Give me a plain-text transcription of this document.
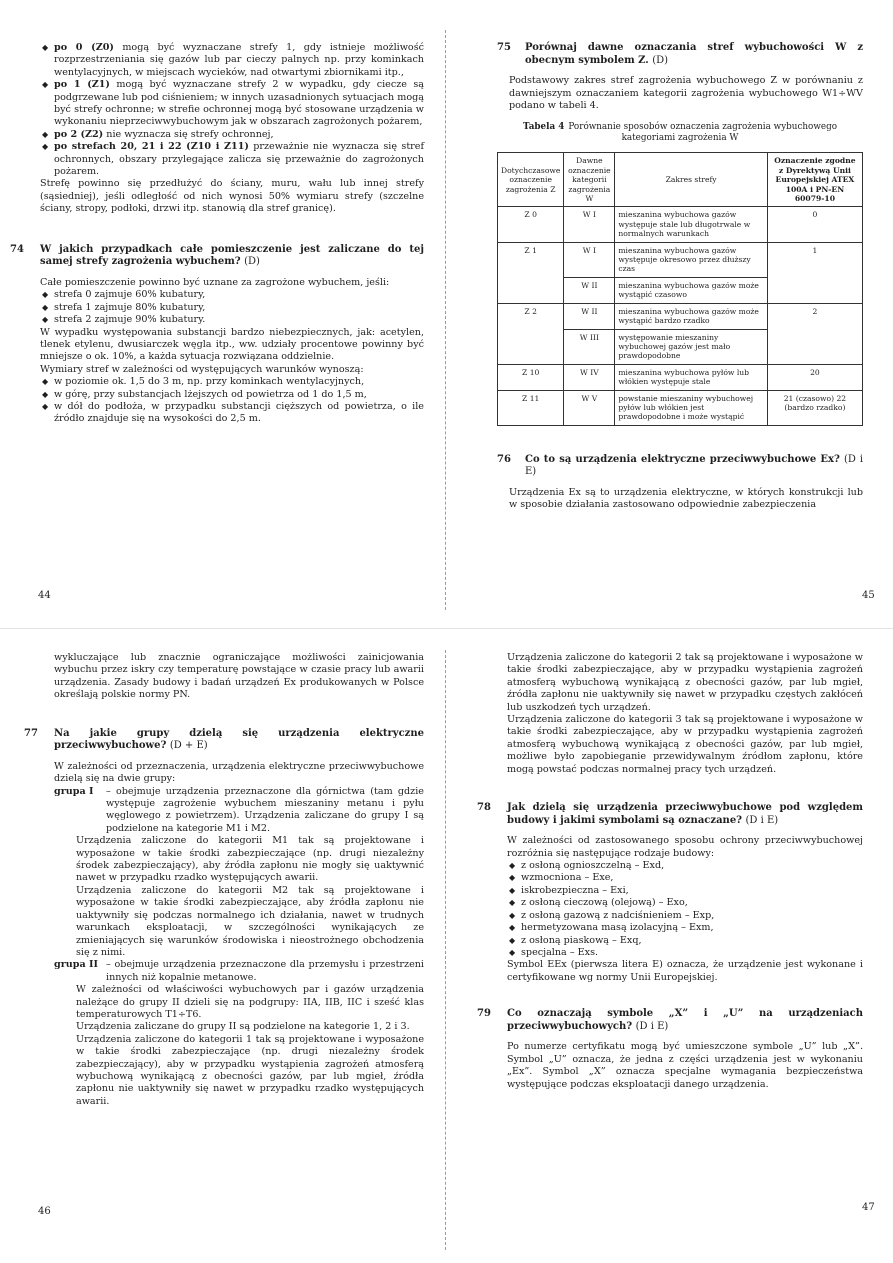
◆ po 0 (Z0) mogą być wyznaczane strefy 1, gdy istnieje możliwość rozprzestrzeniania się gazów lub par cieczy palnych np. przy kominkach wentylacyjnych, w miejscach wycieków, nad otwartymi zbiornikami itp.,
◆ po 1 (Z1) mogą być wyznaczane strefy 2 w wypadku, gdy ciecze są podgrzewane lub pod ciśnieniem; w innych uzasadnionych sytuacjach mogą być strefy ochronne; w strefie ochronnej mogą być stosowane urządzenia w wykonaniu nieprzeciwwybuchowym jak w obszarach zagrożonych pożarem,
◆ po 2 (Z2) nie wyznacza się strefy ochronnej,
◆ po strefach 20, 21 i 22 (Z10 i Z11) przeważnie nie wyznacza się stref ochronnych, obszary przylegające zalicza się przeważnie do zagrożonych pożarem.

Strefę powinno się przedłużyć do ściany, muru, wału lub innej strefy (sąsiedniej), jeśli odległość od nich wynosi 50% wymiaru strefy (szczelne ściany, stropy, podłoki, drzwi itp. stanowią dla stref granicę).

74	W jakich przypadkach całe pomieszczenie jest zaliczane do tej samej strefy zagrożenia wybuchem? (D)

Całe pomieszczenie powinno być uznane za zagrożone wybuchem, jeśli:

◆ strefa 0 zajmuje 60% kubatury,
◆ strefa 1 zajmuje 80% kubatury,
◆ strefa 2 zajmuje 90% kubatury.

W wypadku występowania substancji bardzo niebezpiecznych, jak: acetylen, tlenek etylenu, dwusiarczek węgla itp., ww. udziały procentowe powinny być mniejsze o ok. 10%, a każda sytuacja rozwiązana oddzielnie.

Wymiary stref w zależności od występujących warunków wynoszą:

◆ w poziomie ok. 1,5 do 3 m, np. przy kominkach wentylacyjnych,
◆ w górę, przy substancjach lżejszych od powietrza od 1 do 1,5 m,
◆ w dół do podłoża, w przypadku substancji cięższych od powietrza, o ile źródło znajduje się na wysokości do 2,5 m.
44
75	Porównaj dawne oznaczania stref wybuchowości W z obecnym symbolem Z. (D)

Podstawowy zakres stref zagrożenia wybuchowego Z w porównaniu z dawniejszym oznaczaniem kategorii zagrożenia wybuchowego W1÷WV podano w tabeli 4.

Tabela 4 Porównanie sposobów oznaczenia zagrożenia wybuchowego kategoriami zagrożenia W
Dotychczasowe oznaczenie zagrożenia Z	Dawne oznaczenie kategorii zagrożenia W	Zakres strefy	Oznaczenie zgodne z Dyrektywą Unii Europejskiej ATEX 100A i PN-EN 60079-10
Z 0	W I	mieszanina wybuchowa gazów występuje stale lub długotrwale w normalnych warunkach	0
Z 1	W I	mieszanina wybuchowa gazów występuje okresowo przez dłuższy czas	1
	W II	mieszanina wybuchowa gazów może wystąpić czasowo	
Z 2	W II	mieszanina wybuchowa gazów może wystąpić bardzo rzadko	2
	W III	występowanie mieszaniny wybuchowej gazów jest mało prawdopodobne	
Z 10	W IV	mieszanina wybuchowa pyłów lub włókien występuje stale	20
Z 11	W V	powstanie mieszaniny wybuchowej pyłów lub włókien jest prawdopodobne i może wystąpić	21 (czasowo) 22 (bardzo rzadko)
76	Co to są urządzenia elektryczne przeciwwybuchowe Ex? (D i E)

Urządzenia Ex są to urządzenia elektryczne, w których konstrukcji lub w sposobie działania zastosowano odpowiednie zabezpieczenia

45

wykluczające lub znacznie ograniczające możliwości zainicjowania wybuchu przez iskry czy temperaturę powstające w czasie pracy lub awarii urządzenia. Zasady budowy i badań urządzeń Ex produkowanych w Polsce określają polskie normy PN.

77	Na jakie grupy dzielą się urządzenia elektryczne przeciwwybuchowe? (D + E)

W zależności od przeznaczenia, urządzenia elektryczne przeciwwybuchowe dzielą się na dwie grupy:

grupa I	– obejmuje urządzenia przeznaczone dla górnictwa (tam gdzie występuje zagrożenie wybuchem mieszaniny metanu i pyłu węglowego z powietrzem). Urządzenia zaliczane do grupy I są podzielone na kategorie M1 i M2.

Urządzenia zaliczone do kategorii M1 tak są projektowane i wyposażone w takie środki zabezpieczające (np. drugi niezależny środek zabezpieczający), aby źródła zapłonu nie mogły się uaktywnić nawet w przypadku rzadko występujących awarii.

Urządzenia zaliczone do kategorii M2 tak są projektowane i wyposażone w takie środki zabezpieczające, aby źródła zapłonu nie uaktywniły się podczas normalnego ich działania, nawet w trudnych warunkach eksploatacji, w szczególności wynikających ze zmieniających się warunków środowiska i nieostrożnego obchodzenia się z nimi.

grupa II – obejmuje urządzenia przeznaczone dla przemysłu i przestrzeni innych niż kopalnie metanowe.

W zależności od właściwości wybuchowych par i gazów urządzenia należące do grupy II dzieli się na podgrupy: IIA, IIB, IIC i sześć klas temperaturowych T1÷T6.

Urządzenia zaliczane do grupy II są podzielone na kategorie 1, 2 i 3.

Urządzenia zaliczone do kategorii 1 tak są projektowane i wyposażone w takie środki zabezpieczające (np. drugi niezależny środek zabezpieczający), aby w przypadku wystąpienia zagrożeń atmosferą wybuchową wynikającą z obecności gazów, par lub mgieł, źródła zapłonu nie uaktywniły się nawet w przypadku rzadko występujących awarii.

46

Urządzenia zaliczone do kategorii 2 tak są projektowane i wyposażone w takie środki zabezpieczające, aby w przypadku wystąpienia zagrożeń atmosferą wybuchową wynikającą z obecności gazów, par lub mgieł, źródła zapłonu nie uaktywniły się nawet w przypadku częstych zakłóceń lub uszkodzeń tych urządzeń.

Urządzenia zaliczone do kategorii 3 tak są projektowane i wyposażone w takie środki zabezpieczające, aby w przypadku wystąpienia zagrożeń atmosferą wybuchową wynikającą z obecności gazów, par lub mgieł, możliwe było zapobieganie przewidywalnym źródłom zapłonu, które mogą powstać podczas normalnej pracy tych urządzeń.

78	Jak dzielą się urządzenia przeciwwybuchowe pod względem budowy i jakimi symbolami są oznaczane? (D i E)

W zależności od zastosowanego sposobu ochrony przeciwwybuchowej rozróżnia się następujące rodzaje budowy:

◆ z osłoną ognioszczelną – Exd,
◆ wzmocniona – Exe,
◆ iskrobezpieczna – Exi,
◆ z osłoną cieczową (olejową) – Exo,
◆ z osłoną gazową z nadciśnieniem – Exp,
◆ hermetyzowana masą izolacyjną – Exm,
◆ z osłoną piaskową – Exq,
◆ specjalna – Exs.

Symbol EEx (pierwsza litera E) oznacza, że urządzenie jest wykonane i certyfikowane wg normy Unii Europejskiej.

79	Co oznaczają symbole „X” i „U” na urządzeniach przeciwwybuchowych? (D i E)

Po numerze certyfikatu mogą być umieszczone symbole „U” lub „X”. Symbol „U” oznacza, że jedna z części urządzenia jest w wykonaniu „Ex”. Symbol „X” oznacza specjalne wymagania bezpieczeństwa występujące podczas eksploatacji danego urządzenia.

47
